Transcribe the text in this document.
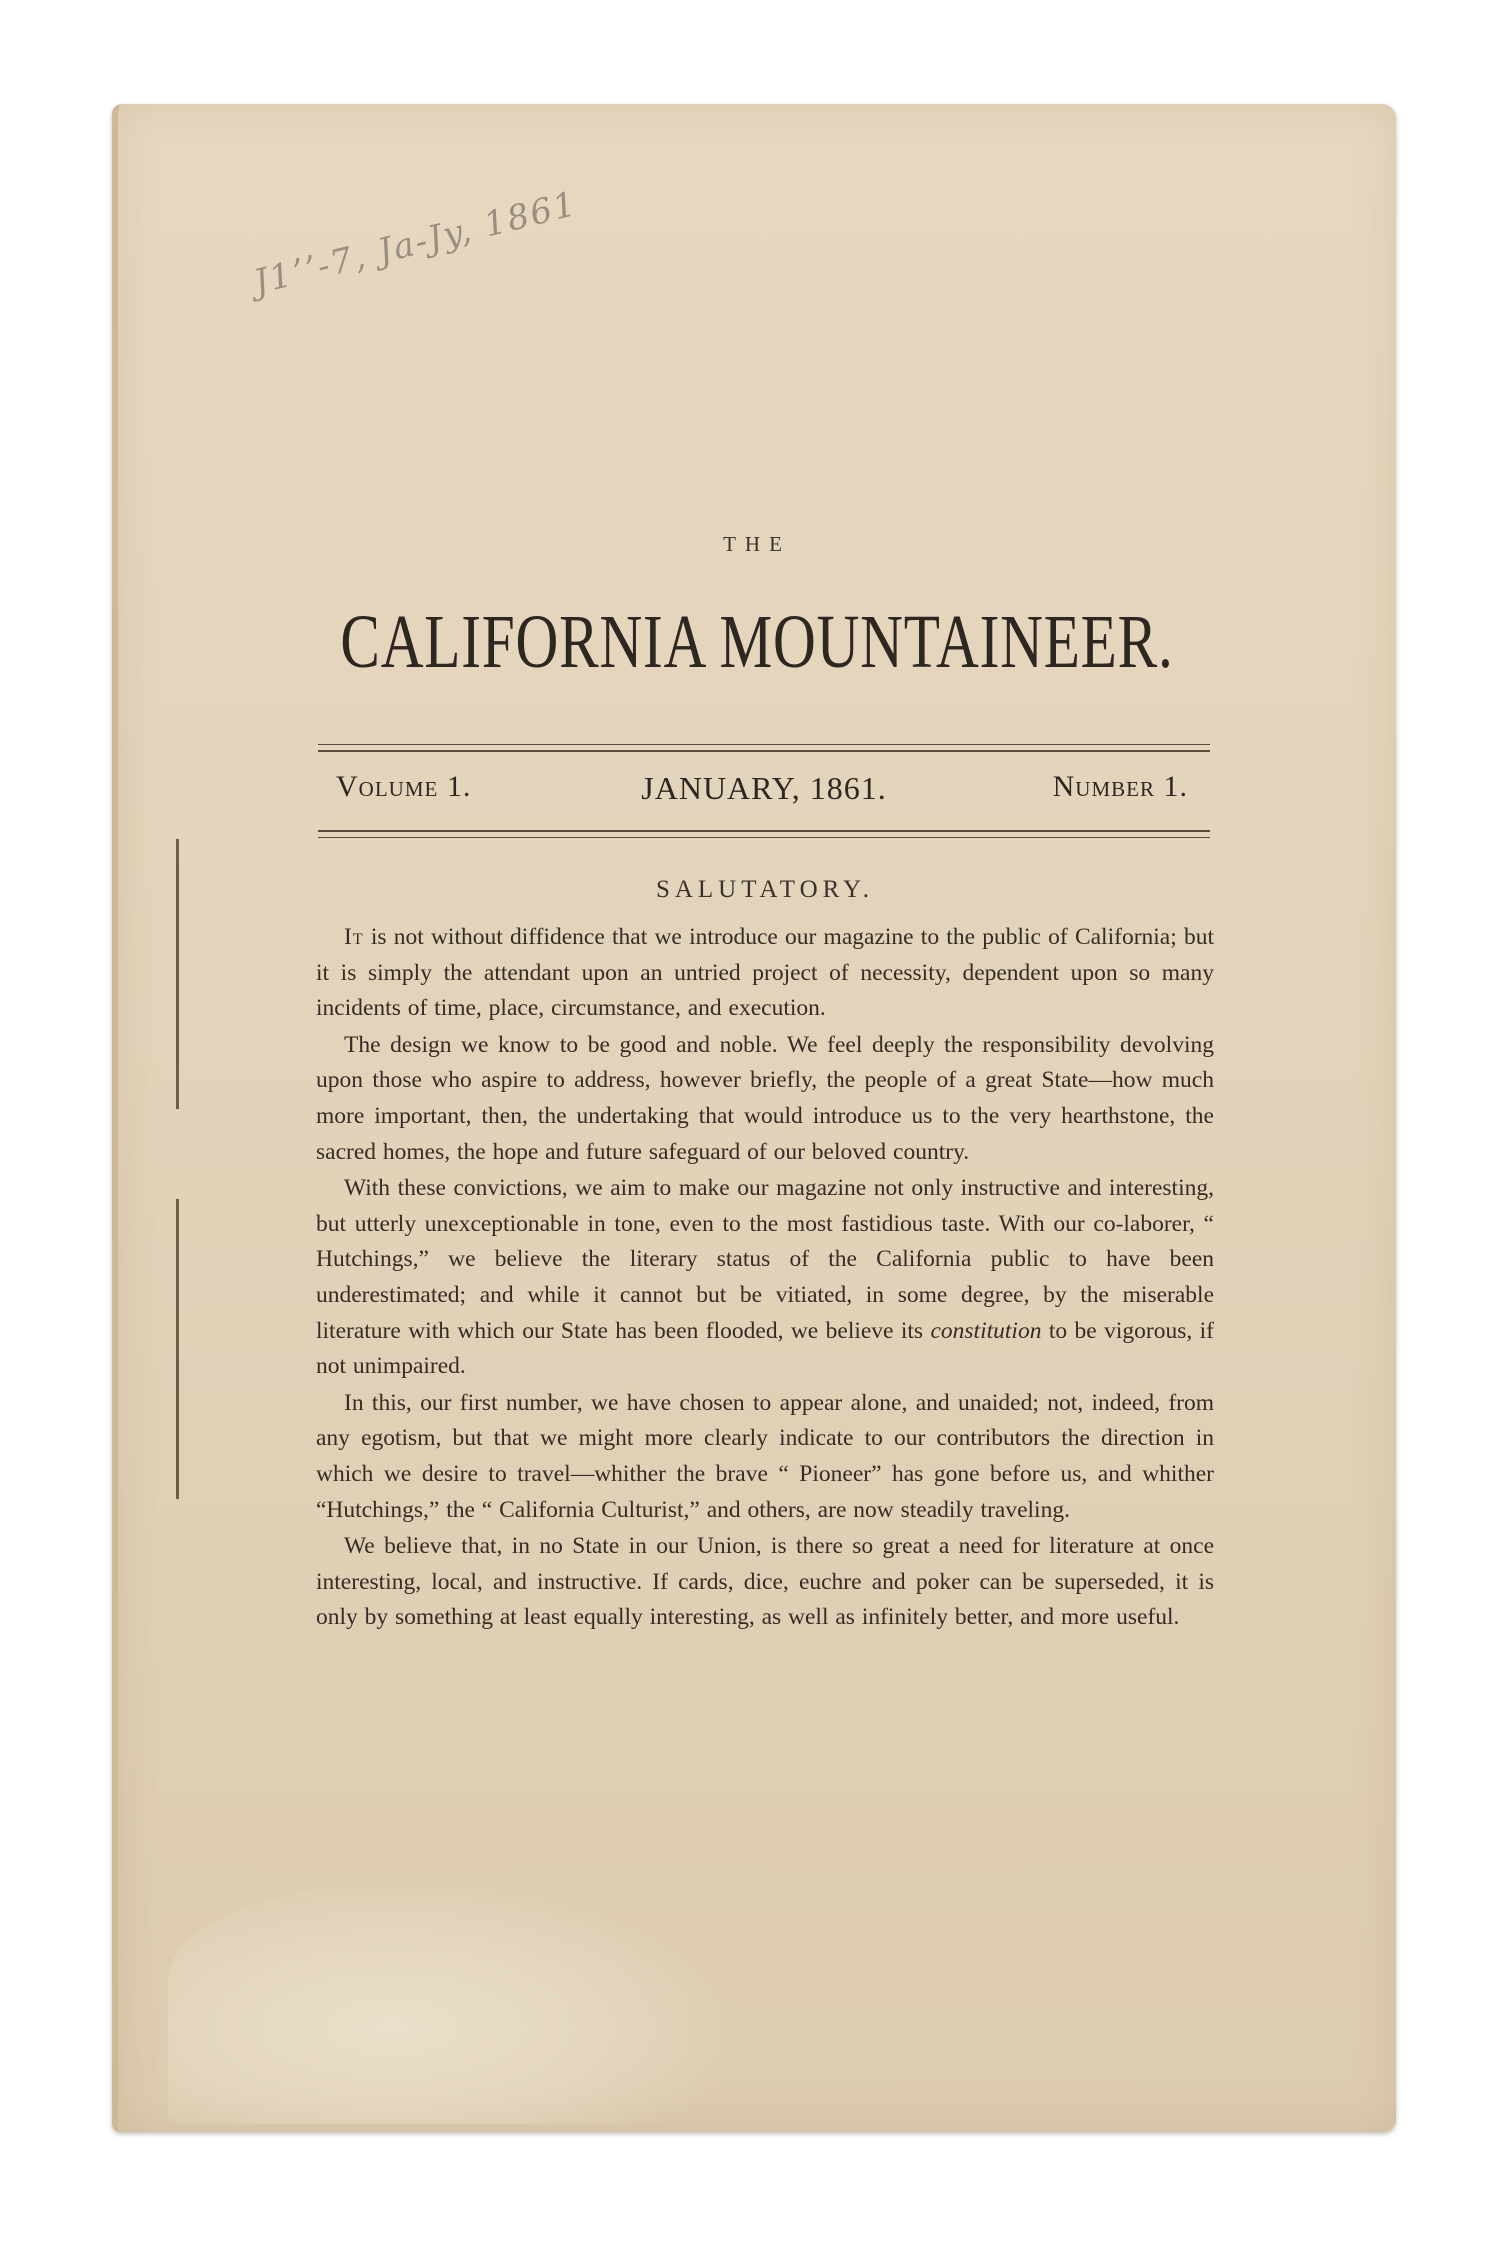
J1ʼʼ-7, Ja-Jy, 1861
THE
CALIFORNIA MOUNTAINEER.
JANUARY, 1861.
Volume 1.	Number 1.
SALUTATORY.

It is not without diffidence that we introduce our magazine to the public of California; but it is simply the attendant upon an untried project of necessity, dependent upon so many incidents of time, place, circumstance, and execution.

The design we know to be good and noble. We feel deeply the responsibility devolving upon those who aspire to address, however briefly, the people of a great State—how much more important, then, the undertaking that would introduce us to the very hearthstone, the sacred homes, the hope and future safeguard of our beloved country.

With these convictions, we aim to make our magazine not only instructive and interesting, but utterly unexceptionable in tone, even to the most fastidious taste. With our co-laborer, “ Hutchings,” we believe the literary status of the California public to have been underestimated; and while it cannot but be vitiated, in some degree, by the miserable literature with which our State has been flooded, we believe its constitution to be vigorous, if not unimpaired.

In this, our first number, we have chosen to appear alone, and unaided; not, indeed, from any egotism, but that we might more clearly indicate to our contributors the direction in which we desire to travel—whither the brave “ Pioneer” has gone before us, and whither “Hutchings,” the “ California Culturist,” and others, are now steadily traveling.

We believe that, in no State in our Union, is there so great a need for literature at once interesting, local, and instructive. If cards, dice, euchre and poker can be superseded, it is only by something at least equally interesting, as well as infinitely better, and more useful.
